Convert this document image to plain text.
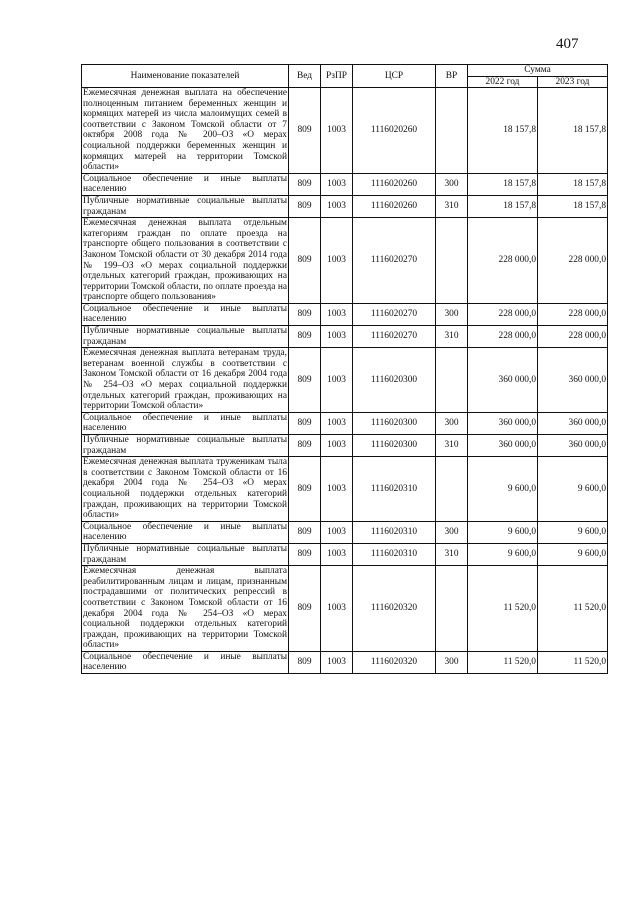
407
Наименование показателей	Вед	РзПР	ЦСР	ВР	Сумма	
					2022 год	2023 год
Ежемесячная денежная выплата на обеспечение полноценным питанием беременных женщин и кормящих матерей из числа малоимущих семей в соответствии с Законом Томской области от 7 октября 2008 года № 200–ОЗ «О мерах социальной поддержки беременных женщин и кормящих матерей на территории Томской области»	809	1003	1116020260		18 157,8	18 157,8
Социальное обеспечение и иные выплаты населению	809	1003	1116020260	300	18 157,8	18 157,8
Публичные нормативные социальные выплаты гражданам	809	1003	1116020260	310	18 157,8	18 157,8
Ежемесячная денежная выплата отдельным категориям граждан по оплате проезда на транспорте общего пользования в соответствии с Законом Томской области от 30 декабря 2014 года № 199–ОЗ «О мерах социальной поддержки отдельных категорий граждан, проживающих на территории Томской области, по оплате проезда на транспорте общего пользования»	809	1003	1116020270		228 000,0	228 000,0
Социальное обеспечение и иные выплаты населению	809	1003	1116020270	300	228 000,0	228 000,0
Публичные нормативные социальные выплаты гражданам	809	1003	1116020270	310	228 000,0	228 000,0
Ежемесячная денежная выплата ветеранам труда, ветеранам военной службы в соответствии с Законом Томской области от 16 декабря 2004 года № 254–ОЗ «О мерах социальной поддержки отдельных категорий граждан, проживающих на территории Томской области»	809	1003	1116020300		360 000,0	360 000,0
Социальное обеспечение и иные выплаты населению	809	1003	1116020300	300	360 000,0	360 000,0
Публичные нормативные социальные выплаты гражданам	809	1003	1116020300	310	360 000,0	360 000,0
Ежемесячная денежная выплата труженикам тыла в соответствии с Законом Томской области от 16 декабря 2004 года № 254–ОЗ «О мерах социальной поддержки отдельных категорий граждан, проживающих на территории Томской области»	809	1003	1116020310		9 600,0	9 600,0
Социальное обеспечение и иные выплаты населению	809	1003	1116020310	300	9 600,0	9 600,0
Публичные нормативные социальные выплаты гражданам	809	1003	1116020310	310	9 600,0	9 600,0
Ежемесячная денежная выплата реабилитированным лицам и лицам, признанным пострадавшими от политических репрессий в соответствии с Законом Томской области от 16 декабря 2004 года № 254–ОЗ «О мерах социальной поддержки отдельных категорий граждан, проживающих на территории Томской области»	809	1003	1116020320		11 520,0	11 520,0
Социальное обеспечение и иные выплаты населению	809	1003	1116020320	300	11 520,0	11 520,0
